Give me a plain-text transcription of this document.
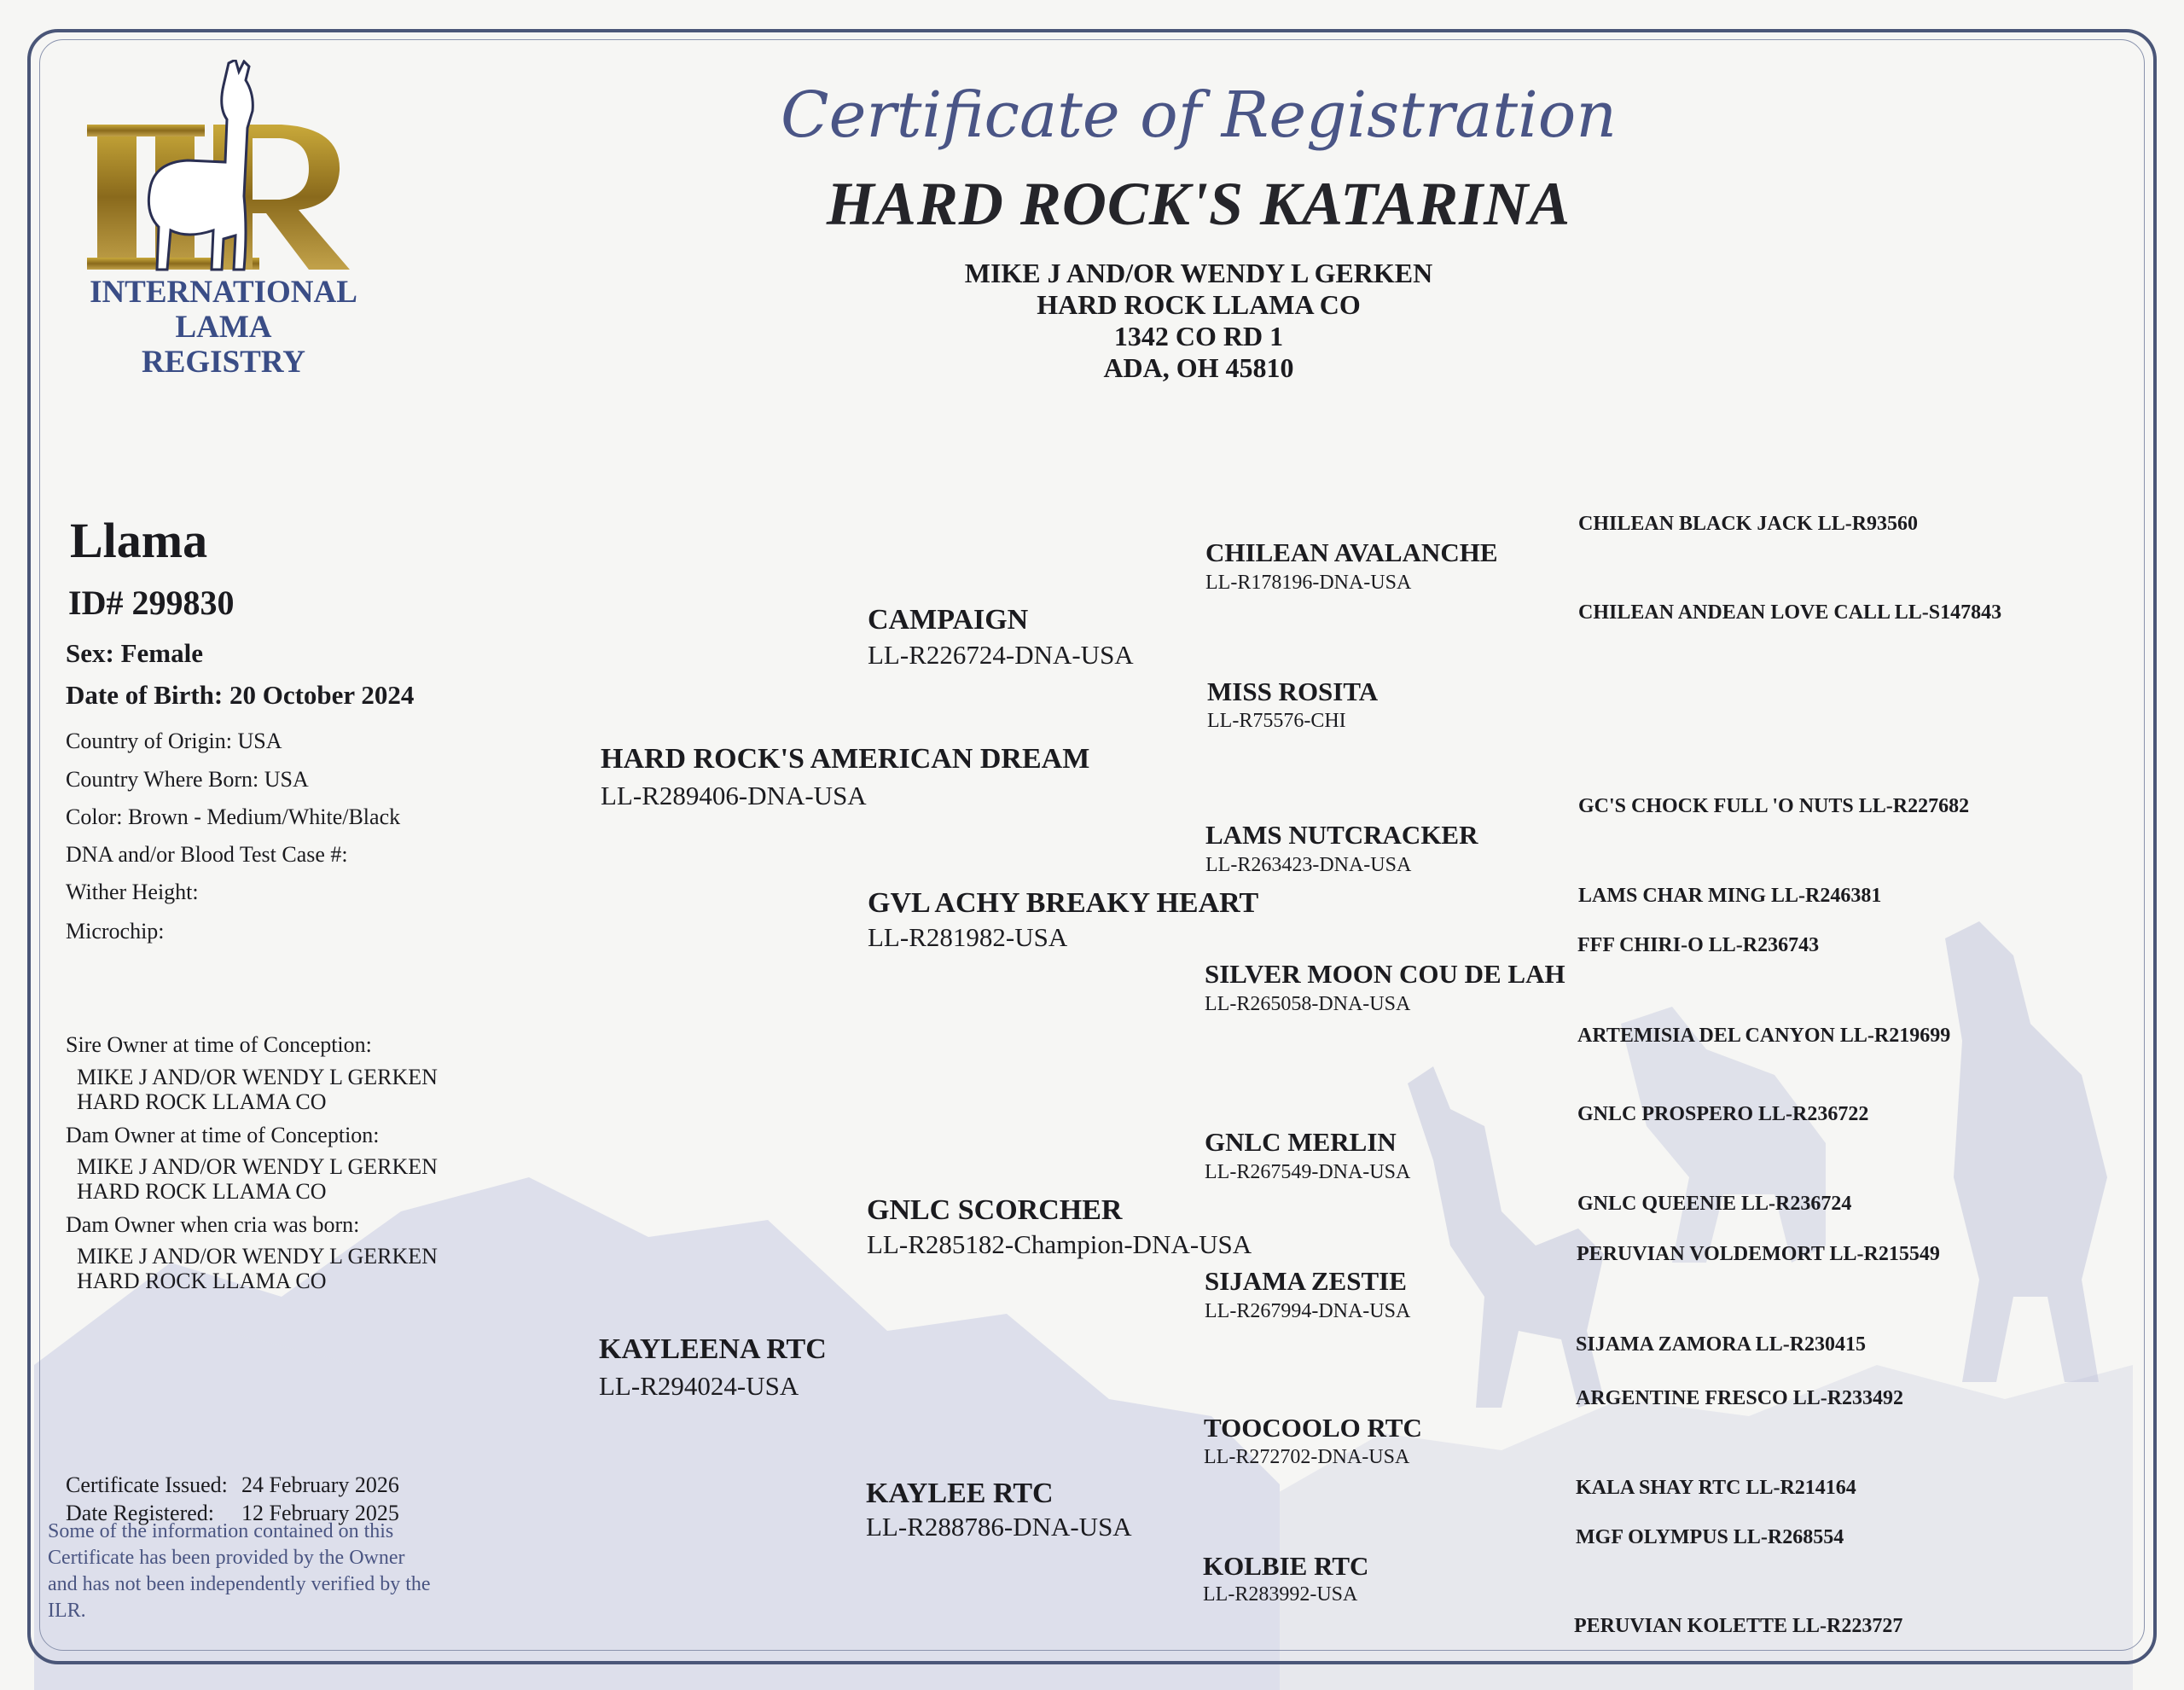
INTERNATIONAL
LAMA
REGISTRY
Certificate of Registration
HARD ROCK'S KATARINA
MIKE J AND/OR WENDY L GERKEN
HARD ROCK LLAMA CO
1342 CO RD 1
ADA, OH 45810
Llama
ID# 299830
Sex: Female
Date of Birth: 20 October 2024
Country of Origin: USA
Country Where Born: USA
Color: Brown - Medium/White/Black
DNA and/or Blood Test Case #:
Wither Height:
Microchip:
Sire Owner at time of Conception:
MIKE J AND/OR WENDY L GERKEN
HARD ROCK LLAMA CO
Dam Owner at time of Conception:
MIKE J AND/OR WENDY L GERKEN
HARD ROCK LLAMA CO
Dam Owner when cria was born:
MIKE J AND/OR WENDY L GERKEN
HARD ROCK LLAMA CO
Certificate Issued: 24 February 2026
Date Registered: 12 February 2025
Some of the information contained on this Certificate has been provided by the Owner and has not been independently verified by the ILR.
HARD ROCK'S AMERICAN DREAM
LL-R289406-DNA-USA
KAYLEENA RTC
LL-R294024-USA
CAMPAIGN
LL-R226724-DNA-USA
GVL ACHY BREAKY HEART
LL-R281982-USA
GNLC SCORCHER
LL-R285182-Champion-DNA-USA
KAYLEE RTC
LL-R288786-DNA-USA
CHILEAN AVALANCHE
LL-R178196-DNA-USA
MISS ROSITA
LL-R75576-CHI
LAMS NUTCRACKER
LL-R263423-DNA-USA
SILVER MOON COU DE LAH
LL-R265058-DNA-USA
GNLC MERLIN
LL-R267549-DNA-USA
SIJAMA ZESTIE
LL-R267994-DNA-USA
TOOCOOLO RTC
LL-R272702-DNA-USA
KOLBIE RTC
LL-R283992-USA
CHILEAN BLACK JACK LL-R93560
CHILEAN ANDEAN LOVE CALL LL-S147843
GC'S CHOCK FULL 'O NUTS LL-R227682
LAMS CHAR MING LL-R246381
FFF CHIRI-O LL-R236743
ARTEMISIA DEL CANYON LL-R219699
GNLC PROSPERO LL-R236722
GNLC QUEENIE LL-R236724
PERUVIAN VOLDEMORT LL-R215549
SIJAMA ZAMORA LL-R230415
ARGENTINE FRESCO LL-R233492
KALA SHAY RTC LL-R214164
MGF OLYMPUS LL-R268554
PERUVIAN KOLETTE LL-R223727
